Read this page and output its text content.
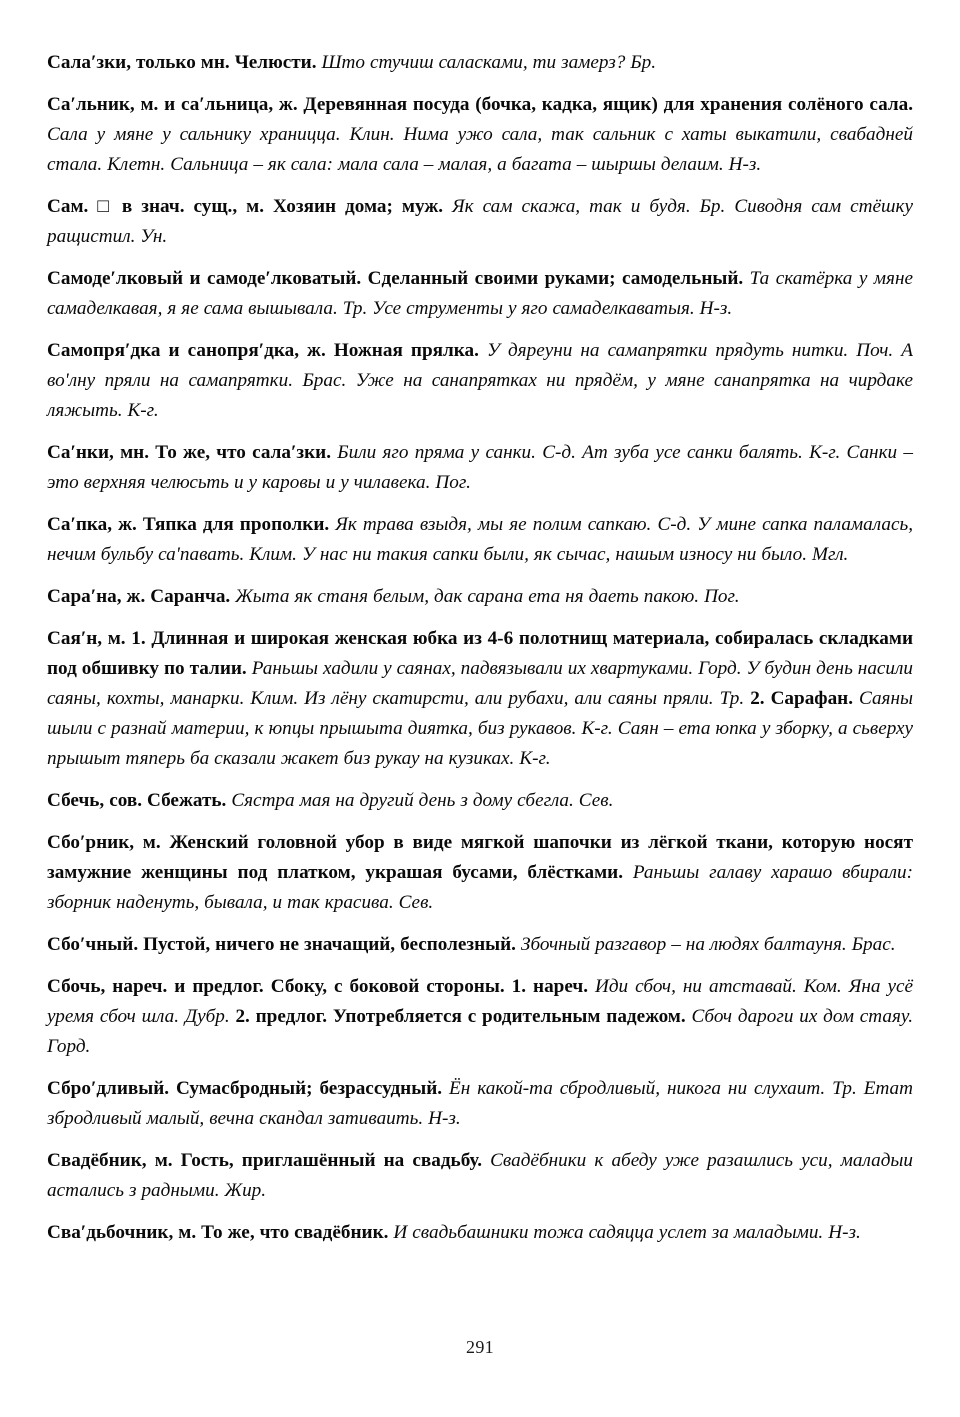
Салаʹзки, только мн. Челюсти. Што стучиш саласками, ти замерз? Бр.

Саʹльник, м. и саʹльница, ж. Деревянная посуда (бочка, кадка, ящик) для хранения солёного сала. Сала у мяне у сальнику храницца. Клин. Нима ужо сала, так сальник с хаты выкатили, свабадней стала. Клетн. Сальница – як сала: мала сала – малая, а багата – шыршы делаим. Н-з.

Сам. □ в знач. сущ., м. Хозяин дома; муж. Як сам скажа, так и будя. Бр. Сиводня сам стёшку ращистил. Ун.

Самодеʹлковый и самодеʹлковатый. Сделанный своими руками; самодельный. Та скатёрка у мяне самаделкавая, я яе сама вышывала. Тр. Усе струменты у яго самаделкаватыя. Н-з.

Самопряʹдка и санопряʹдка, ж. Ножная прялка. У дяреуни на самапрятки прядуть нитки. Поч. А воʹлну пряли на самапрятки. Брас. Уже на санапрятках ни прядём, у мяне санапрятка на чирдаке ляжыть. К-г.

Саʹнки, мн. То же, что салаʹзки. Били яго пряма у санки. С-д. Ат зуба усе санки балять. К-г. Санки – это верхняя челюсьть и у каровы и у чилавека. Пог.

Саʹпка, ж. Тяпка для прополки. Як трава взыдя, мы яе полим сапкаю. С-д. У мине сапка паламалась, нечим бульбу саʹпавать. Клим. У нас ни такия сапки были, як сычас, нашым износу ни было. Мгл.

Сараʹна, ж. Саранча. Жыта як станя белым, дак сарана ета ня даеть пакою. Пог.

Саяʹн, м. 1. Длинная и широкая женская юбка из 4-6 полотнищ материала, собиралась складками под обшивку по талии. Раньшы хадили у саянах, падвязывали их хвартуками. Горд. У будин день насили саяны, кохты, манарки. Клим. Из лёну скатирсти, али рубахи, али саяны пряли. Тр. 2. Сарафан. Саяны шыли с разнай материи, к юпцы прышыта диятка, биз рукавов. К-г. Саян – ета юпка у зборку, а сьверху прышыт тяперь ба сказали жакет биз рукау на кузиках. К-г.

Сбечь, сов. Сбежать. Сястра мая на другий день з дому сбегла. Сев.

Сбоʹрник, м. Женский головной убор в виде мягкой шапочки из лёгкой ткани, которую носят замужние женщины под платком, украшая бусами, блёстками. Раньшы галаву харашо вбирали: зборник наденуть, бывала, и так красива. Сев.

Сбоʹчный. Пустой, ничего не значащий, бесполезный. Збочный разгавор – на людях балтауня. Брас.

Сбочь, нареч. и предлог. Сбоку, с боковой стороны. 1. нареч. Иди сбоч, ни атставай. Ком. Яна усё уремя сбоч шла. Дубр. 2. предлог. Употребляется с родительным падежом. Сбоч дароги их дом стаяу. Горд.

Сброʹдливый. Сумасбродный; безрассудный. Ён какой-та сбродливый, никога ни слухаит. Тр. Етат збродливый малый, вечна скандал зативаить. Н-з.

Свадёбник, м. Гость, приглашённый на свадьбу. Свадёбники к абеду уже разашлись уси, маладыи астались з радными. Жир.

Сваʹдьбочник, м. То же, что свадёбник. И свадьбашники тожа садяцца услет за маладыми. Н-з.

291
